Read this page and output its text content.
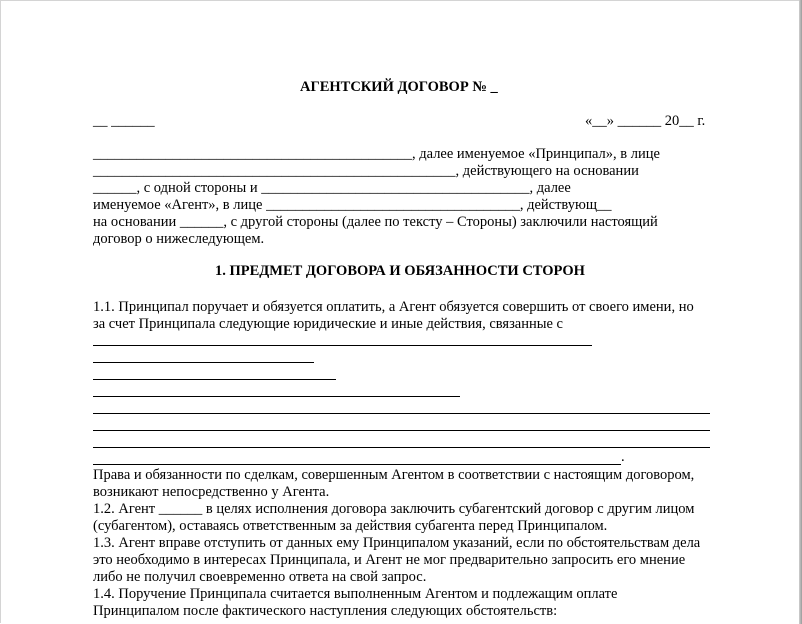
АГЕНТСКИЙ ДОГОВОР № _
__ ______	«__» ______ 20__ г.
____________________________________________, далее именуемое «Принципал», в лице
__________________________________________________, действующего на основании
______, с одной стороны и _____________________________________, далее
именуемое «Агент», в лице ___________________________________, действующ__
на основании ______, с другой стороны (далее по тексту – Стороны) заключили настоящий
договор о нижеследующем.
1. ПРЕДМЕТ ДОГОВОРА И ОБЯЗАННОСТИ СТОРОН
1.1. Принципал поручает и обязуется оплатить, а Агент обязуется совершить от своего имени, но
за счет Принципала следующие юридические и иные действия, связанные с
.
Права и обязанности по сделкам, совершенным Агентом в соответствии с настоящим договором,
возникают непосредственно у Агента.
1.2. Агент ______ в целях исполнения договора заключить субагентский договор с другим лицом
(субагентом), оставаясь ответственным за действия субагента перед Принципалом.
1.3. Агент вправе отступить от данных ему Принципалом указаний, если по обстоятельствам дела
это необходимо в интересах Принципала, и Агент не мог предварительно запросить его мнение
либо не получил своевременно ответа на свой запрос.
1.4. Поручение Принципала считается выполненным Агентом и подлежащим оплате
Принципалом после фактического наступления следующих обстоятельств:
